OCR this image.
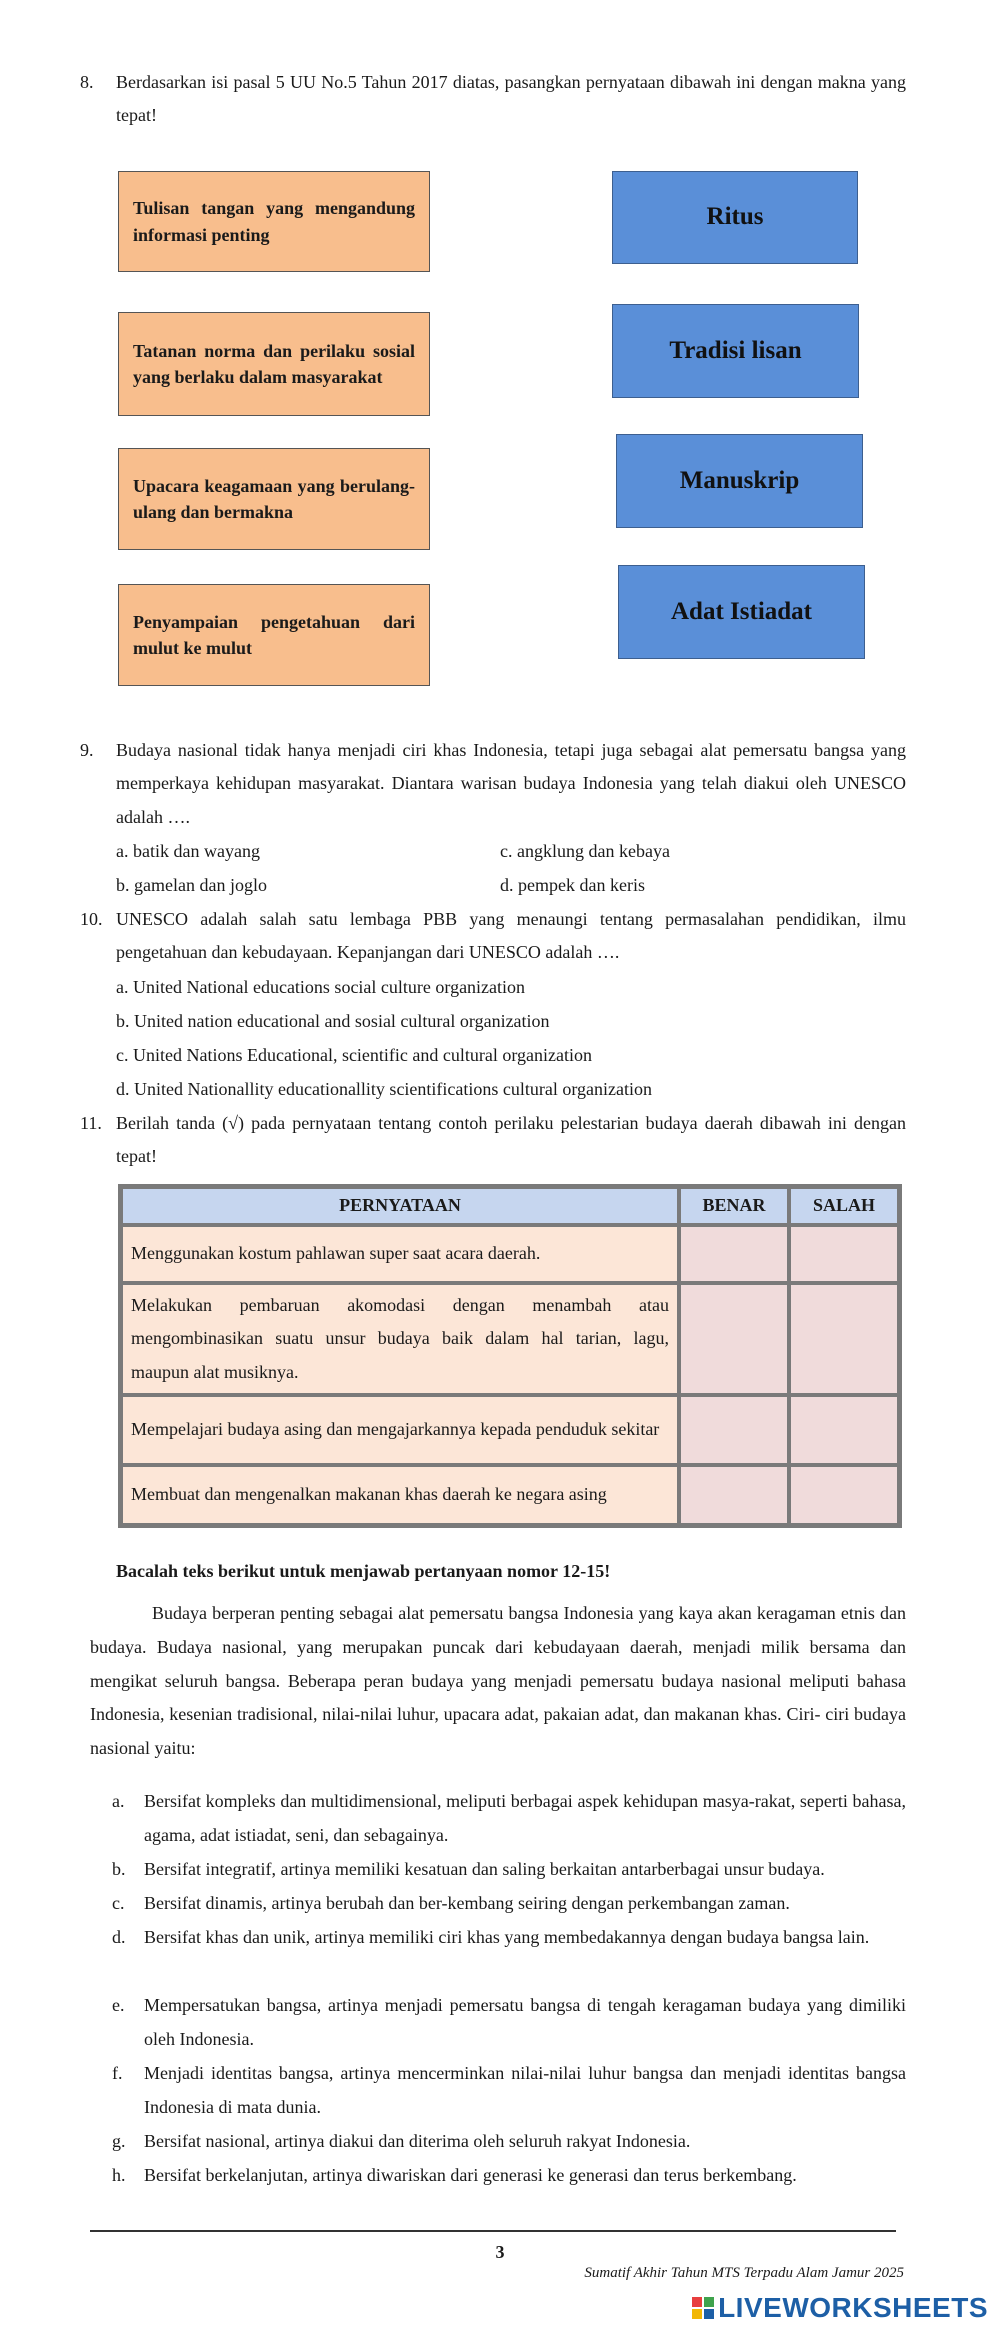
8.	Berdasarkan isi pasal 5 UU No.5 Tahun 2017 diatas, pasangkan pernyataan dibawah ini dengan makna yang tepat!
Tulisan tangan yang mengandung informasi penting
Tatanan norma dan perilaku sosial yang berlaku dalam masyarakat
Upacara keagamaan yang berulang-ulang dan bermakna
Penyampaian pengetahuan dari mulut ke mulut
Ritus
Tradisi lisan
Manuskrip
Adat Istiadat
9.	Budaya nasional tidak hanya menjadi ciri khas Indonesia, tetapi juga sebagai alat pemersatu bangsa yang memperkaya kehidupan masyarakat. Diantara warisan budaya Indonesia yang telah diakui oleh UNESCO adalah ….
a. batik dan wayang
b. gamelan dan joglo
c. angklung dan kebaya
d. pempek dan keris
10. UNESCO adalah salah satu lembaga PBB yang menaungi tentang permasalahan pendidikan, ilmu pengetahuan dan kebudayaan. Kepanjangan dari UNESCO adalah ….
a. United National educations social culture organization
b. United nation educational and sosial cultural organization
c. United Nations Educational, scientific and cultural organization
d. United Nationallity educationallity scientifications cultural organization
11. Berilah tanda (√) pada pernyataan tentang contoh perilaku pelestarian budaya daerah dibawah ini dengan tepat!
PERNYATAAN	BENAR	SALAH
Menggunakan kostum pahlawan super saat acara daerah.		
Melakukan pembaruan akomodasi dengan menambah atau mengombinasikan suatu unsur budaya baik dalam hal tarian, lagu, maupun alat musiknya.		
Mempelajari budaya asing dan mengajarkannya kepada penduduk sekitar		
Membuat dan mengenalkan makanan khas daerah ke negara asing		
Bacalah teks berikut untuk menjawab pertanyaan nomor 12-15!
Budaya berperan penting sebagai alat pemersatu bangsa Indonesia yang kaya akan keragaman etnis dan budaya. Budaya nasional, yang merupakan puncak dari kebudayaan daerah, menjadi milik bersama dan mengikat seluruh bangsa. Beberapa peran budaya yang menjadi pemersatu budaya nasional meliputi bahasa Indonesia, kesenian tradisional, nilai-nilai luhur, upacara adat, pakaian adat, dan makanan khas. Ciri- ciri budaya nasional yaitu:
a.	Bersifat kompleks dan multidimensional, meliputi berbagai aspek kehidupan masya-rakat, seperti bahasa, agama, adat istiadat, seni, dan sebagainya.
b.	Bersifat integratif, artinya memiliki kesatuan dan saling berkaitan antarberbagai unsur budaya.
c.	Bersifat dinamis, artinya berubah dan ber-kembang seiring dengan perkembangan zaman.
d.	Bersifat khas dan unik, artinya memiliki ciri khas yang membedakannya dengan budaya bangsa lain.
e.	Mempersatukan bangsa, artinya menjadi pemersatu bangsa di tengah keragaman budaya yang dimiliki oleh Indonesia.
f.	Menjadi identitas bangsa, artinya mencerminkan nilai-nilai luhur bangsa dan menjadi identitas bangsa Indonesia di mata dunia.
g.	Bersifat nasional, artinya diakui dan diterima oleh seluruh rakyat Indonesia.
h.	Bersifat berkelanjutan, artinya diwariskan dari generasi ke generasi dan terus berkembang.
3
Sumatif Akhir Tahun MTS Terpadu Alam Jamur 2025
LIVEWORKSHEETS
